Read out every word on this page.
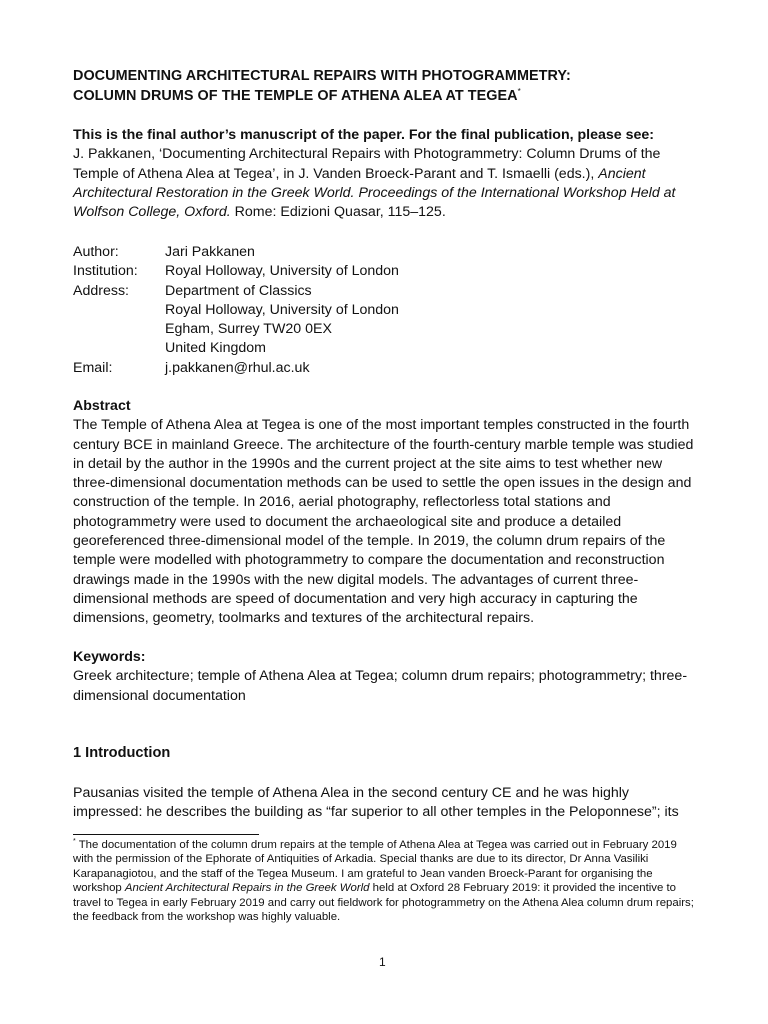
DOCUMENTING ARCHITECTURAL REPAIRS WITH PHOTOGRAMMETRY:

COLUMN DRUMS OF THE TEMPLE OF ATHENA ALEA AT TEGEA*

This is the final author’s manuscript of the paper. For the final publication, please see:

J. Pakkanen, ‘Documenting Architectural Repairs with Photogrammetry: Column Drums of the Temple of Athena Alea at Tegea’, in J. Vanden Broeck-Parant and T. Ismaelli (eds.), Ancient Architectural Restoration in the Greek World. Proceedings of the International Workshop Held at Wolfson College, Oxford. Rome: Edizioni Quasar, 115–125.

Author:	Jari Pakkanen
Institution:	Royal Holloway, University of London
Address:	Department of Classics
Royal Holloway, University of London
Egham, Surrey TW20 0EX
United Kingdom
Email:	j.pakkanen@rhul.ac.uk

Abstract

The Temple of Athena Alea at Tegea is one of the most important temples constructed in the fourth century BCE in mainland Greece. The architecture of the fourth-century marble temple was studied in detail by the author in the 1990s and the current project at the site aims to test whether new three-dimensional documentation methods can be used to settle the open issues in the design and construction of the temple. In 2016, aerial photography, reflectorless total stations and photogrammetry were used to document the archaeological site and produce a detailed georeferenced three-dimensional model of the temple. In 2019, the column drum repairs of the temple were modelled with photogrammetry to compare the documentation and reconstruction drawings made in the 1990s with the new digital models. The advantages of current three-dimensional methods are speed of documentation and very high accuracy in capturing the dimensions, geometry, toolmarks and textures of the architectural repairs.

Keywords:

Greek architecture; temple of Athena Alea at Tegea; column drum repairs; photogrammetry; three-dimensional documentation

1 Introduction
Pausanias visited the temple of Athena Alea in the second century CE and he was highly impressed: he describes the building as “far superior to all other temples in the Peloponnese”; its
* The documentation of the column drum repairs at the temple of Athena Alea at Tegea was carried out in February 2019 with the permission of the Ephorate of Antiquities of Arkadia. Special thanks are due to its director, Dr Anna Vasiliki Karapanagiotou, and the staff of the Tegea Museum. I am grateful to Jean vanden Broeck-Parant for organising the workshop Ancient Architectural Repairs in the Greek World held at Oxford 28 February 2019: it provided the incentive to travel to Tegea in early February 2019 and carry out fieldwork for photogrammetry on the Athena Alea column drum repairs; the feedback from the workshop was highly valuable.
1
